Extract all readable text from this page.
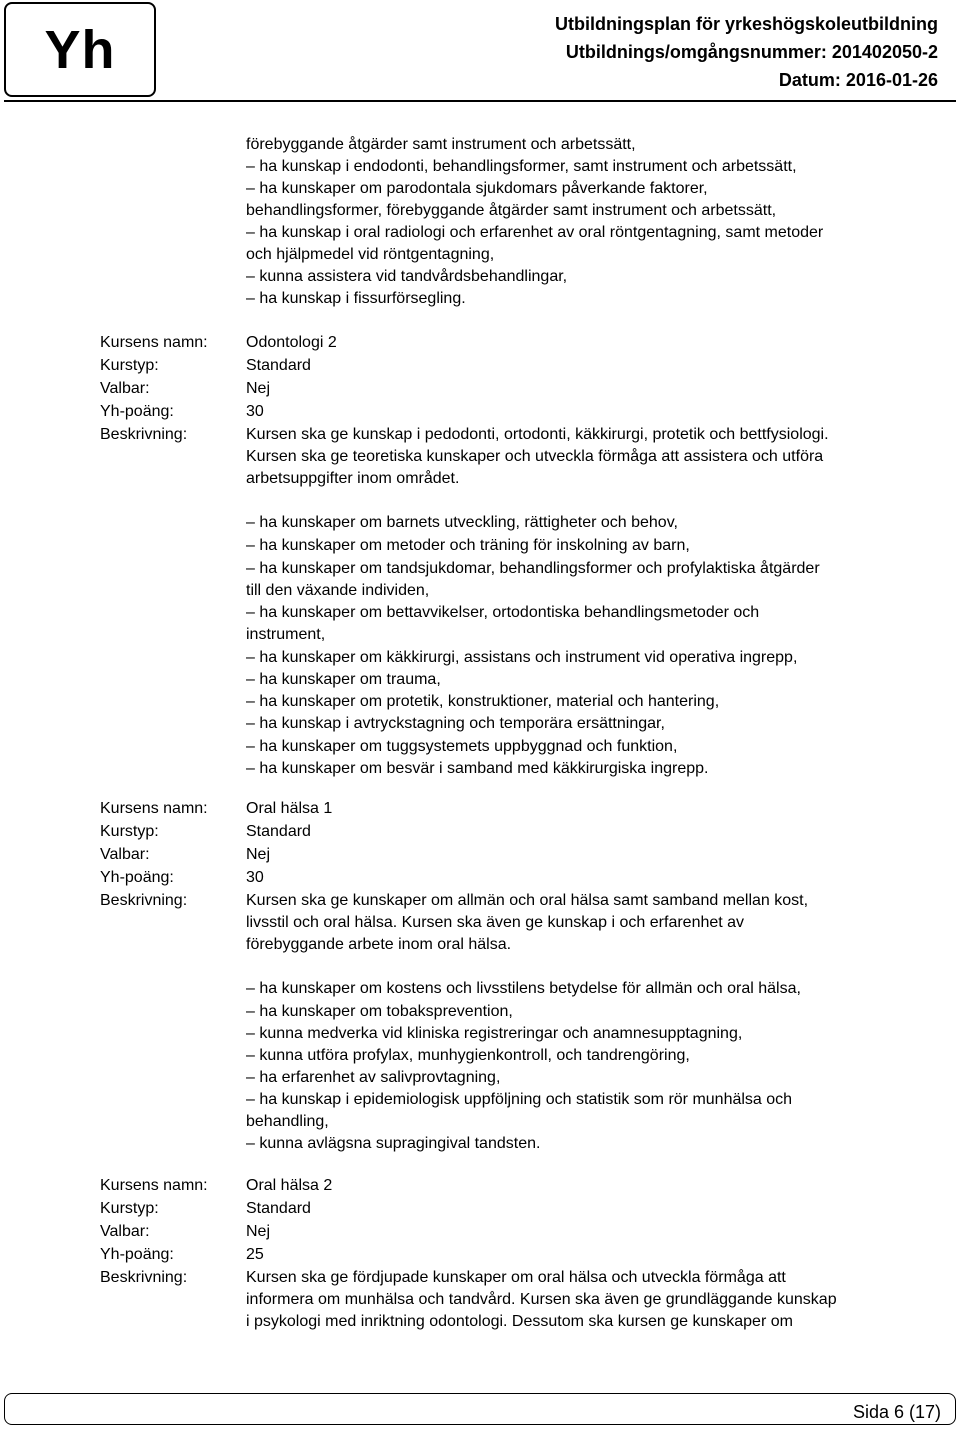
Yh	Utbildningsplan för yrkeshögskoleutbildning
Utbildnings/omgångsnummer: 201402050-2
Datum: 2016-01-26
förebyggande åtgärder samt instrument och arbetssätt,
– ha kunskap i endodonti, behandlingsformer, samt instrument och arbetssätt,
– ha kunskaper om parodontala sjukdomars påverkande faktorer,
behandlingsformer, förebyggande åtgärder samt instrument och arbetssätt,
– ha kunskap i oral radiologi och erfarenhet av oral röntgentagning, samt metoder
och hjälpmedel vid röntgentagning,
– kunna assistera vid tandvårdsbehandlingar,
– ha kunskap i fissurförsegling.
Kursens namn: Odontologi 2
Kurstyp:	Standard
Valbar:	Nej
Yh-poäng:	30
Beskrivning:	Kursen ska ge kunskap i pedodonti, ortodonti, käkkirurgi, protetik och bettfysiologi.
Kursen ska ge teoretiska kunskaper och utveckla förmåga att assistera och utföra
arbetsuppgifter inom området.
– ha kunskaper om barnets utveckling, rättigheter och behov,
– ha kunskaper om metoder och träning för inskolning av barn,
– ha kunskaper om tandsjukdomar, behandlingsformer och profylaktiska åtgärder
till den växande individen,
– ha kunskaper om bettavvikelser, ortodontiska behandlingsmetoder och
instrument,
– ha kunskaper om käkkirurgi, assistans och instrument vid operativa ingrepp,
– ha kunskaper om trauma,
– ha kunskaper om protetik, konstruktioner, material och hantering,
– ha kunskap i avtryckstagning och temporära ersättningar,
– ha kunskaper om tuggsystemets uppbyggnad och funktion,
– ha kunskaper om besvär i samband med käkkirurgiska ingrepp.
Kursens namn: Oral hälsa 1
Kurstyp:	Standard
Valbar:	Nej
Yh-poäng:	30
Beskrivning:	Kursen ska ge kunskaper om allmän och oral hälsa samt samband mellan kost,
livsstil och oral hälsa. Kursen ska även ge kunskap i och erfarenhet av
förebyggande arbete inom oral hälsa.
– ha kunskaper om kostens och livsstilens betydelse för allmän och oral hälsa,
– ha kunskaper om tobaksprevention,
– kunna medverka vid kliniska registreringar och anamnesupptagning,
– kunna utföra profylax, munhygienkontroll, och tandrengöring,
– ha erfarenhet av salivprovtagning,
– ha kunskap i epidemiologisk uppföljning och statistik som rör munhälsa och
behandling,
– kunna avlägsna supragingival tandsten.
Kursens namn: Oral hälsa 2
Kurstyp:	Standard
Valbar:	Nej
Yh-poäng:	25
Beskrivning:	Kursen ska ge fördjupade kunskaper om oral hälsa och utveckla förmåga att
informera om munhälsa och tandvård. Kursen ska även ge grundläggande kunskap
i psykologi med inriktning odontologi. Dessutom ska kursen ge kunskaper om
Sida 6 (17)
